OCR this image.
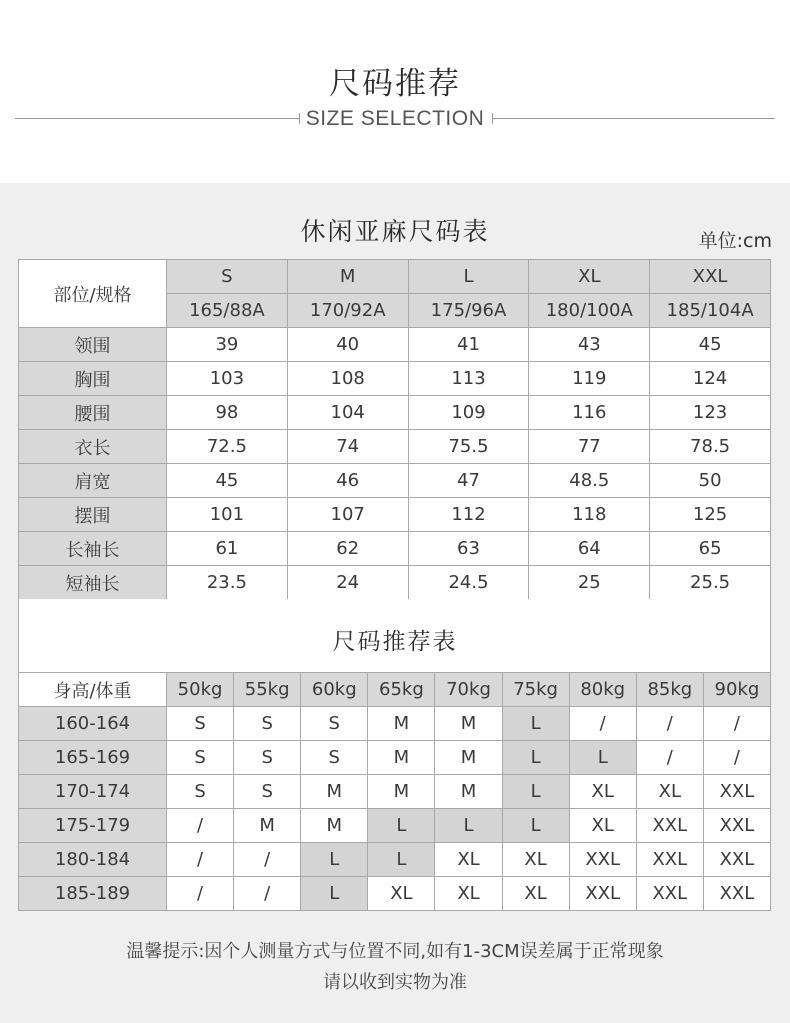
尺码推荐
SIZE SELECTION
休闲亚麻尺码表	单位:cm
部位/规格	S	M	L	XL	XXL
	165/88A	170/92A	175/96A	180/100A	185/104A
领围	39	40	41	43	45
胸围	103	108	113	119	124
腰围	98	104	109	116	123
衣长	72.5	74	75.5	77	78.5
肩宽	45	46	47	48.5	50
摆围	101	107	112	118	125
长袖长	61	62	63	64	65
短袖长	23.5	24	24.5	25	25.5
尺码推荐表
身高/体重	50kg	55kg	60kg	65kg	70kg	75kg	80kg	85kg	90kg
160-164	S	S	S	M	M	L	/	/	/
165-169	S	S	S	M	M	L	L	/	/
170-174	S	S	M	M	M	L	XL	XL	XXL
175-179	/	M	M	L	L	L	XL	XXL	XXL
180-184	/	/	L	L	XL	XL	XXL	XXL	XXL
185-189	/	/	L	XL	XL	XL	XXL	XXL	XXL
温馨提示:因个人测量方式与位置不同,如有1-3CM误差属于正常现象
请以收到实物为准
